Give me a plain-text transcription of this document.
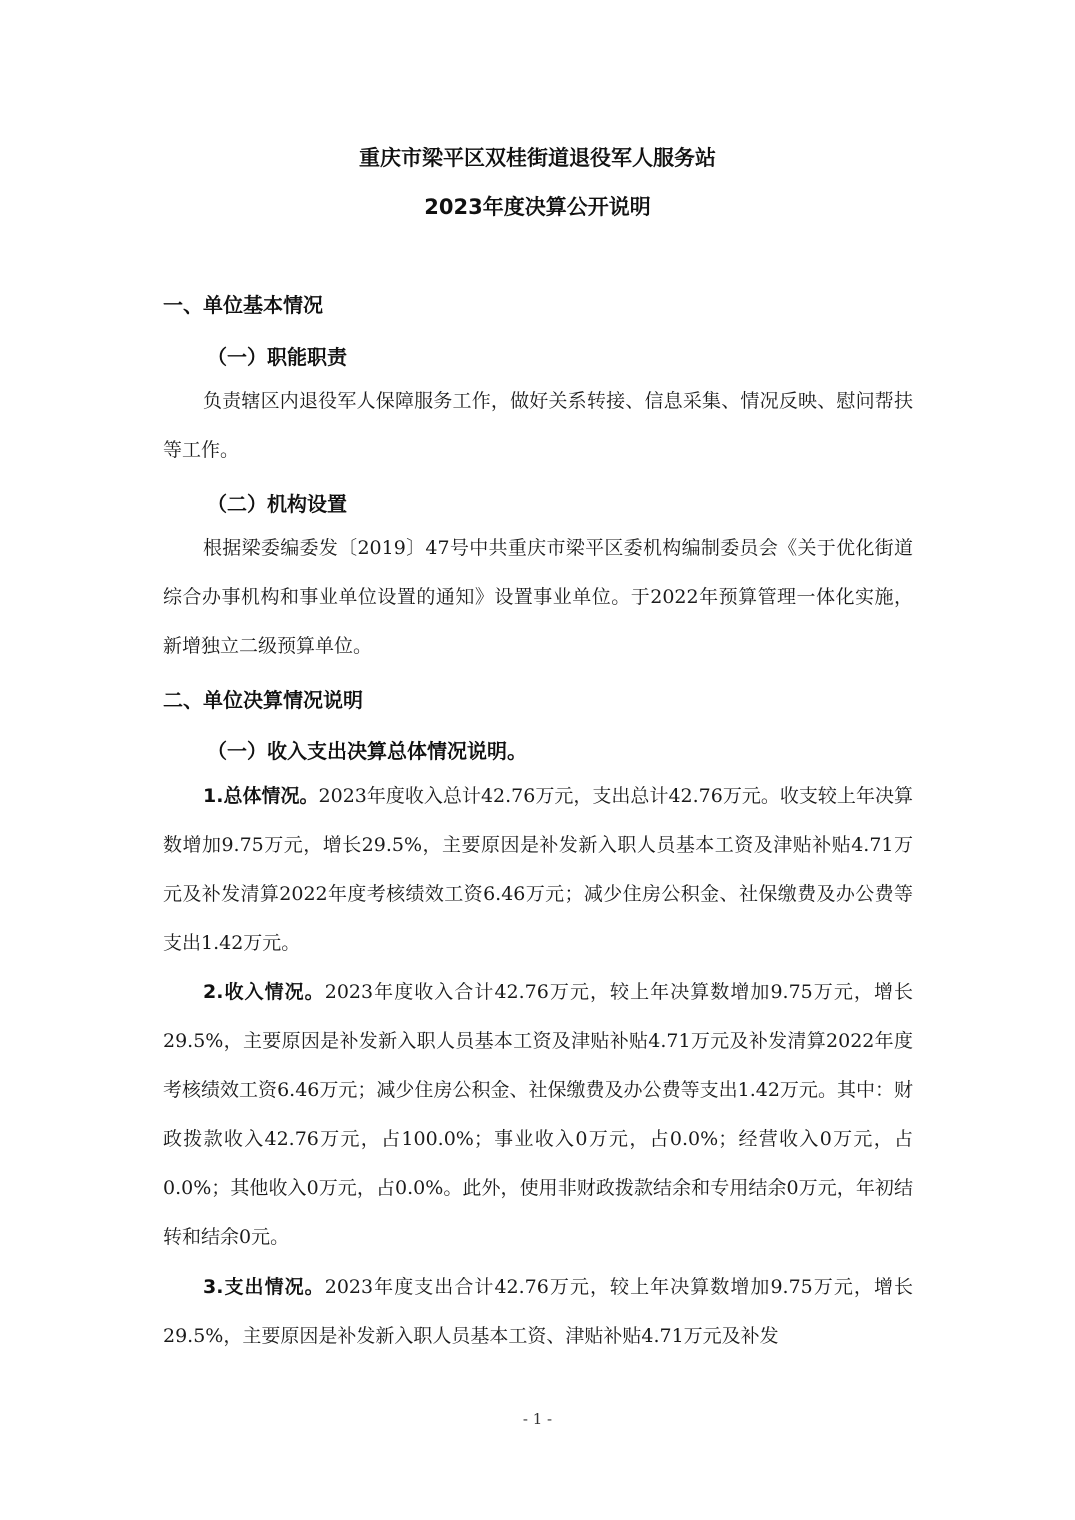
重庆市梁平区双桂街道退役军人服务站
2023年度决算公开说明
一、单位基本情况
（一）职能职责

负责辖区内退役军人保障服务工作，做好关系转接、信息采集、情况反映、慰问帮扶等工作。

（二）机构设置

根据梁委编委发〔2019〕47号中共重庆市梁平区委机构编制委员会《关于优化街道综合办事机构和事业单位设置的通知》设置事业单位。于2022年预算管理一体化实施，新增独立二级预算单位。

二、单位决算情况说明
（一）收入支出决算总体情况说明。

1.总体情况。2023年度收入总计42.76万元，支出总计42.76万元。收支较上年决算数增加9.75万元，增长29.5%，主要原因是补发新入职人员基本工资及津贴补贴4.71万元及补发清算2022年度考核绩效工资6.46万元；减少住房公积金、社保缴费及办公费等支出1.42万元。

2.收入情况。2023年度收入合计42.76万元，较上年决算数增加9.75万元，增长29.5%，主要原因是补发新入职人员基本工资及津贴补贴4.71万元及补发清算2022年度考核绩效工资6.46万元；减少住房公积金、社保缴费及办公费等支出1.42万元。其中：财政拨款收入42.76万元，占100.0%；事业收入0万元，占0.0%；经营收入0万元，占0.0%；其他收入0万元，占0.0%。此外，使用非财政拨款结余和专用结余0万元，年初结转和结余0元。

3.支出情况。2023年度支出合计42.76万元，较上年决算数增加9.75万元，增长29.5%，主要原因是补发新入职人员基本工资、津贴补贴4.71万元及补发

- 1 -
